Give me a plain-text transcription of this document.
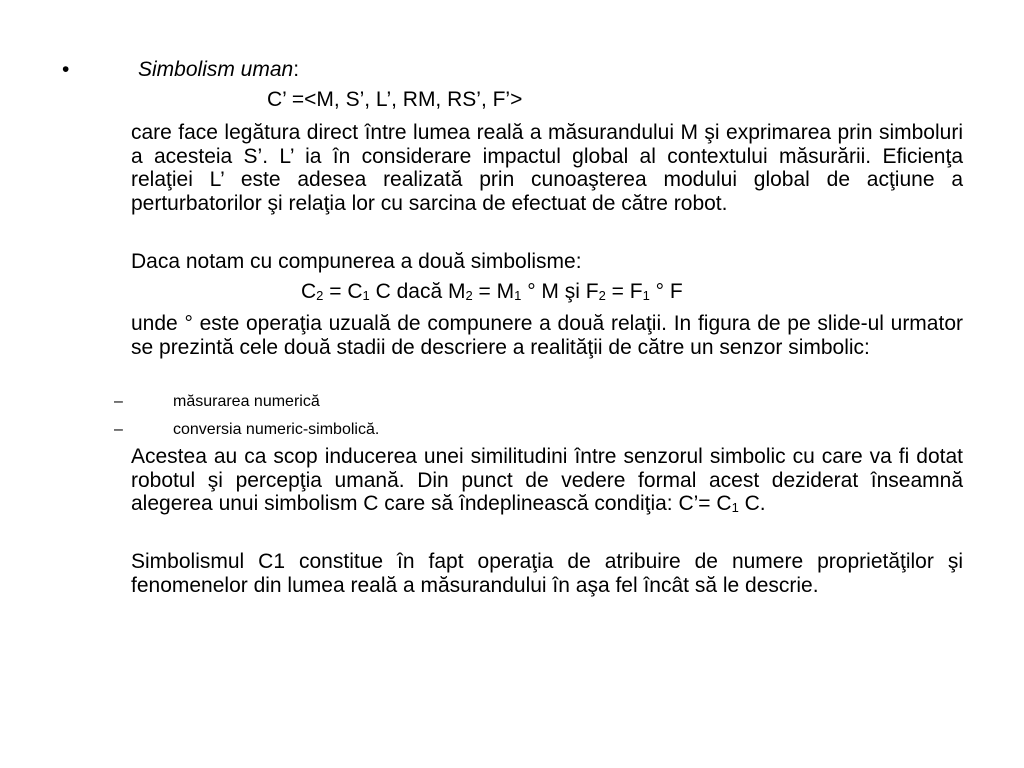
•	Simbolism uman:
C’ =<M, S’, L’, RM, RS’, F’>
care face legătura direct între lumea reală a măsurandului M şi exprimarea prin simboluri a acesteia S’. L’ ia în considerare impactul global al contextului măsurării. Eficienţa relaţiei L’ este adesea realizată prin cunoaşterea modului global de acţiune a perturbatorilor şi relaţia lor cu sarcina de efectuat de către robot.
Daca notam cu compunerea a două simbolisme:
C2 = C1 C dacă M2 = M1 ° M şi F2 = F1 ° F
unde ° este operaţia uzuală de compunere a două relaţii. In figura de pe slide-ul urmator se prezintă cele două stadii de descriere a realităţii de către un senzor simbolic:
–	măsurarea numerică
–	conversia numeric-simbolică.
Acestea au ca scop inducerea unei similitudini între senzorul simbolic cu care va fi dotat robotul şi percepţia umană. Din punct de vedere formal acest deziderat înseamnă alegerea unui simbolism C care să îndeplinească condiţia: C’= C1 C.
Simbolismul C1 constitue în fapt operaţia de atribuire de numere proprietăţilor şi fenomenelor din lumea reală a măsurandului în aşa fel încât să le descrie.
